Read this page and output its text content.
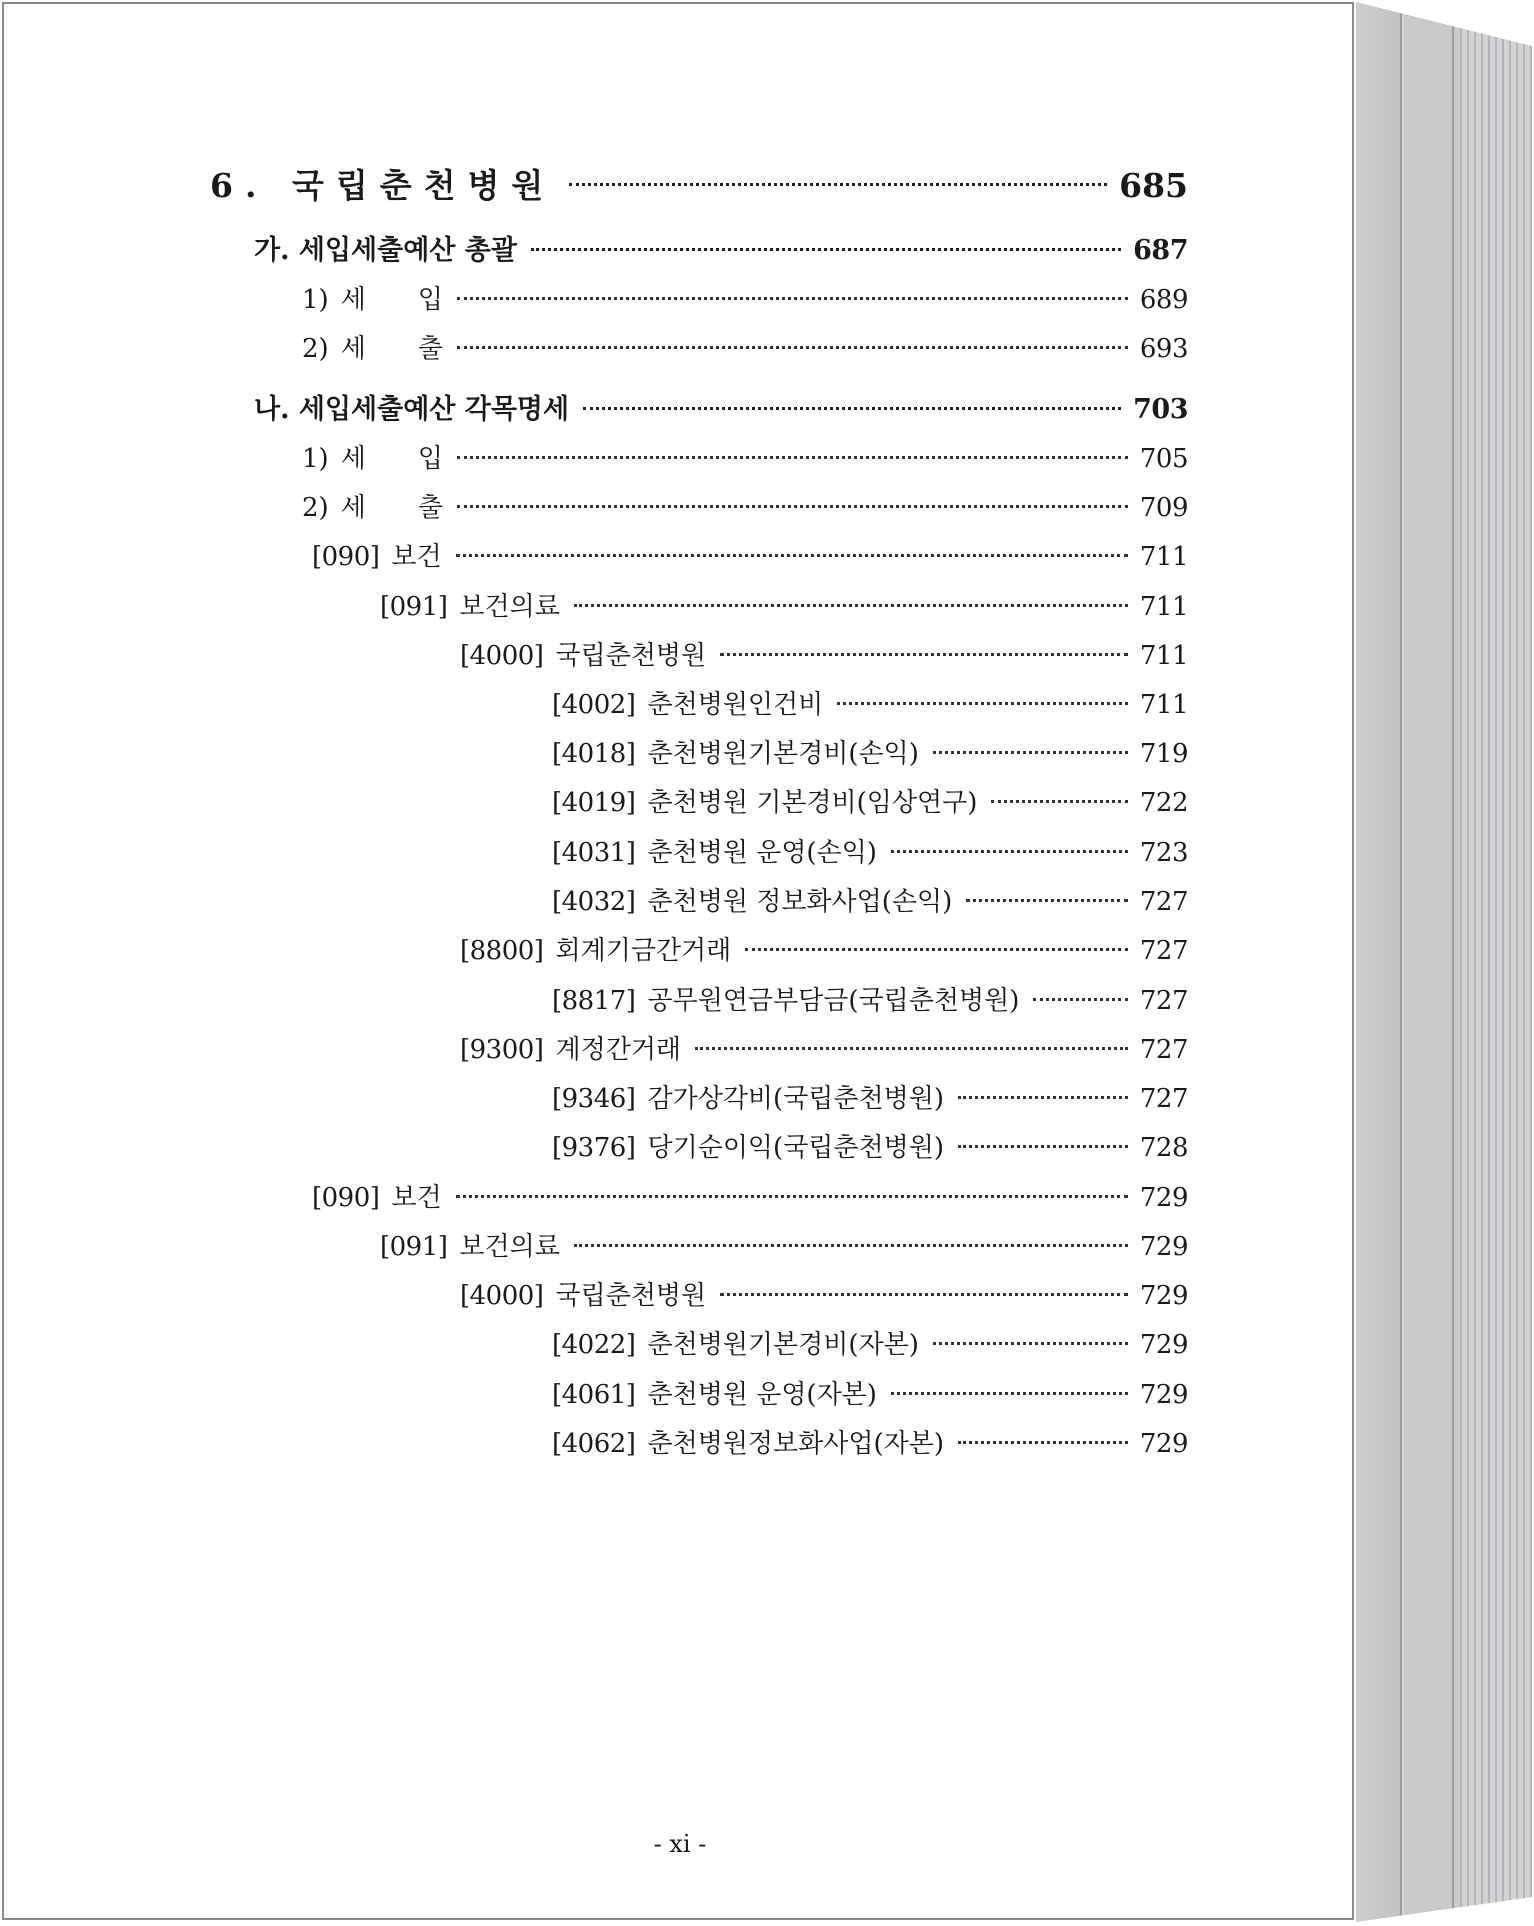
6. 국립춘천병원	685
가. 세입세출예산 총괄	687
1) 세 입	689
2) 세 출	693
나. 세입세출예산 각목명세	703
1) 세 입	705
2) 세 출	709
[090] 보건	711
[091] 보건의료	711
[4000] 국립춘천병원	711
[4002] 춘천병원인건비	711
[4018] 춘천병원기본경비(손익)	719
[4019] 춘천병원 기본경비(임상연구)	722
[4031] 춘천병원 운영(손익)	723
[4032] 춘천병원 정보화사업(손익)	727
[8800] 회계기금간거래	727
[8817] 공무원연금부담금(국립춘천병원)	727
[9300] 계정간거래	727
[9346] 감가상각비(국립춘천병원)	727
[9376] 당기순이익(국립춘천병원)	728
[090] 보건	729
[091] 보건의료	729
[4000] 국립춘천병원	729
[4022] 춘천병원기본경비(자본)	729
[4061] 춘천병원 운영(자본)	729
[4062] 춘천병원정보화사업(자본)	729
- xi -
